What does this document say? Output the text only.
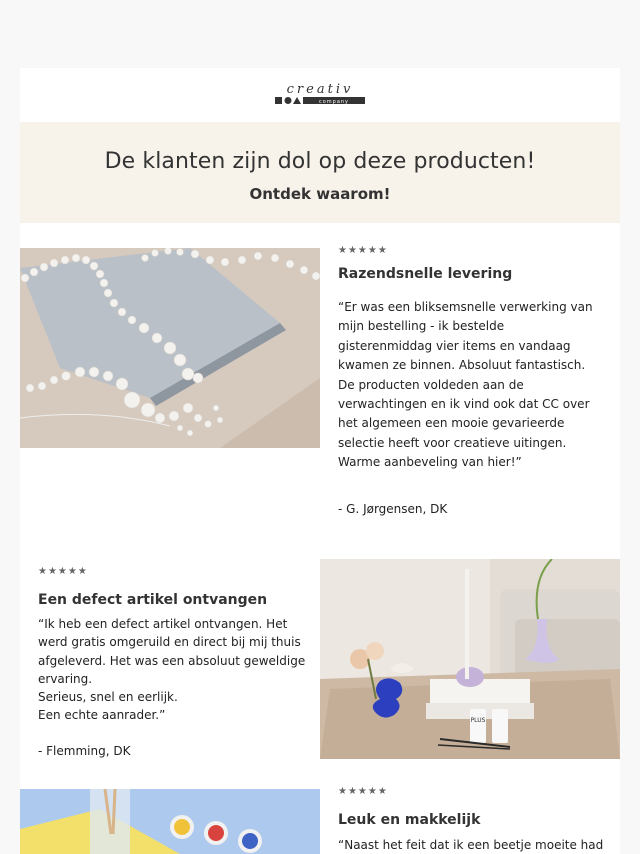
creativ
company
De klanten zijn dol op deze producten!
Ontdek waarom!
★★★★★
Razendsnelle levering
“Er was een bliksemsnelle verwerking van mijn bestelling - ik bestelde gisterenmiddag vier items en vandaag kwamen ze binnen. Absoluut fantastisch. De producten voldeden aan de verwachtingen en ik vind ook dat CC over het algemeen een mooie gevarieerde selectie heeft voor creatieve uitingen. Warme aanbeveling van hier!”
- G. Jørgensen, DK
★★★★★
Een defect artikel ontvangen
“Ik heb een defect artikel ontvangen. Het werd gratis omgeruild en direct bij mij thuis afgeleverd. Het was een absoluut geweldige ervaring.
Serieus, snel en eerlijk.
Een echte aanrader.”
- Flemming, DK
PLUS
★★★★★
Leuk en makkelijk
“Naast het feit dat ik een beetje moeite had
